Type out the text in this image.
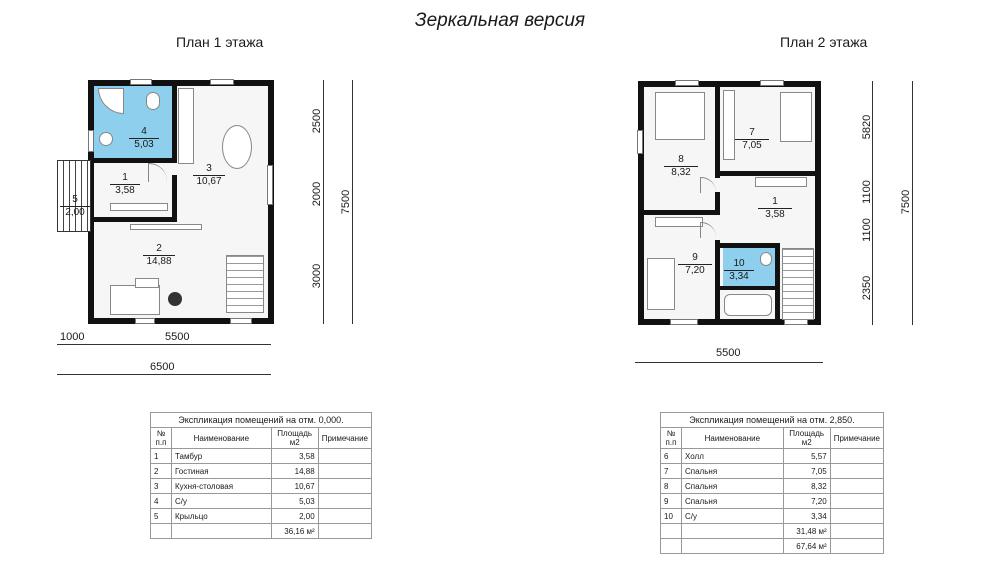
Зеркальная версия
План 1 этажа	План 2 этажа
4
5,03
1
3,58
3
10,67
2
14,88
5
2,00
2500
2000
3000
7500
1000	5500
6500
7
7,05
8
8,32
1
3,58
9
7,20
10
3,34
5820
1100
1100
2350
7500
5500
Экспликация помещений на отм. 0,000.			
№ п.п	Наименование	Площадь м2	Примечание
1	Тамбур	3,58	
2	Гостиная	14,88	
3	Кухня-столовая	10,67	
4	С/у	5,03	
5	Крыльцо	2,00	
		36,16 м²	
Экспликация помещений на отм. 2,850.			
№ п.п	Наименование	Площадь м2	Примечание
6	Холл	5,57	
7	Спальня	7,05	
8	Спальня	8,32	
9	Спальня	7,20	
10	С/у	3,34	
		31,48 м²	
		67,64 м²	
